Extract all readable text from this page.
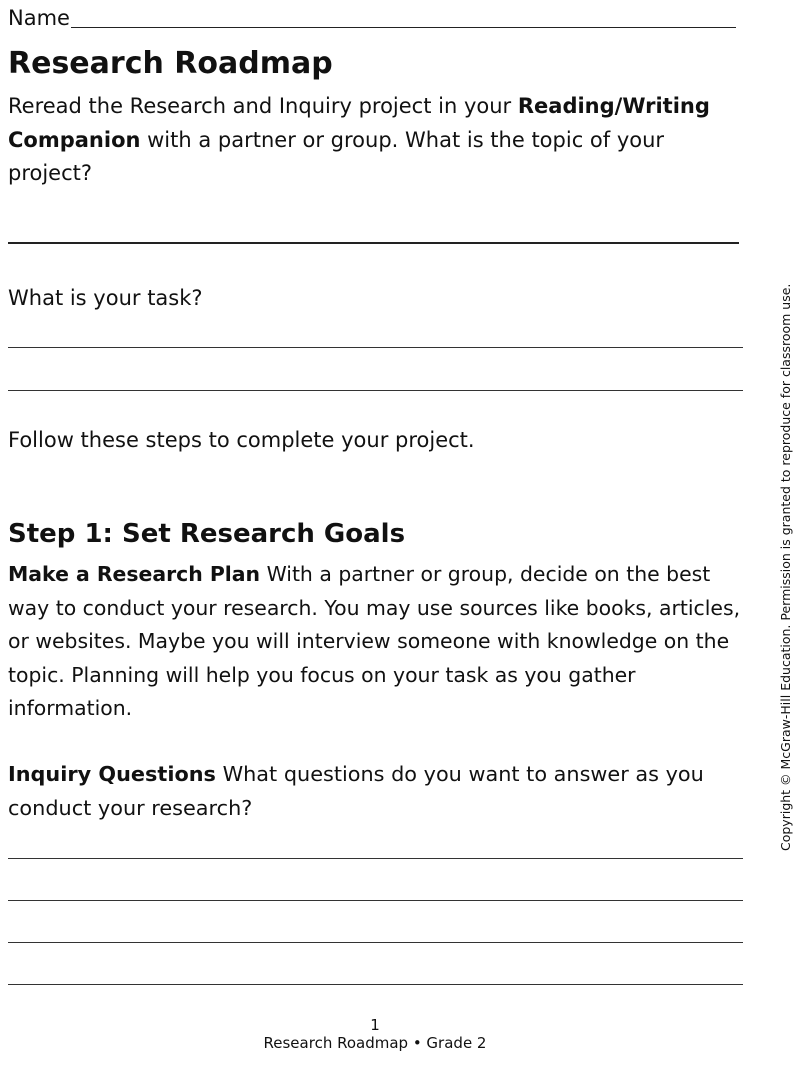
Name
Research Roadmap

Reread the Research and Inquiry project in your Reading/Writing Companion with a partner or group. What is the topic of your project?

What is your task?

Follow these steps to complete your project.

Step 1: Set Research Goals

Make a Research Plan With a partner or group, decide on the best way to conduct your research. You may use sources like books, articles, or websites. Maybe you will interview someone with knowledge on the topic. Planning will help you focus on your task as you gather information.

Inquiry Questions What questions do you want to answer as you conduct your research?	Copyright © McGraw-Hill Education. Permission is granted to reproduce for classroom use.
1
Research Roadmap • Grade 2
